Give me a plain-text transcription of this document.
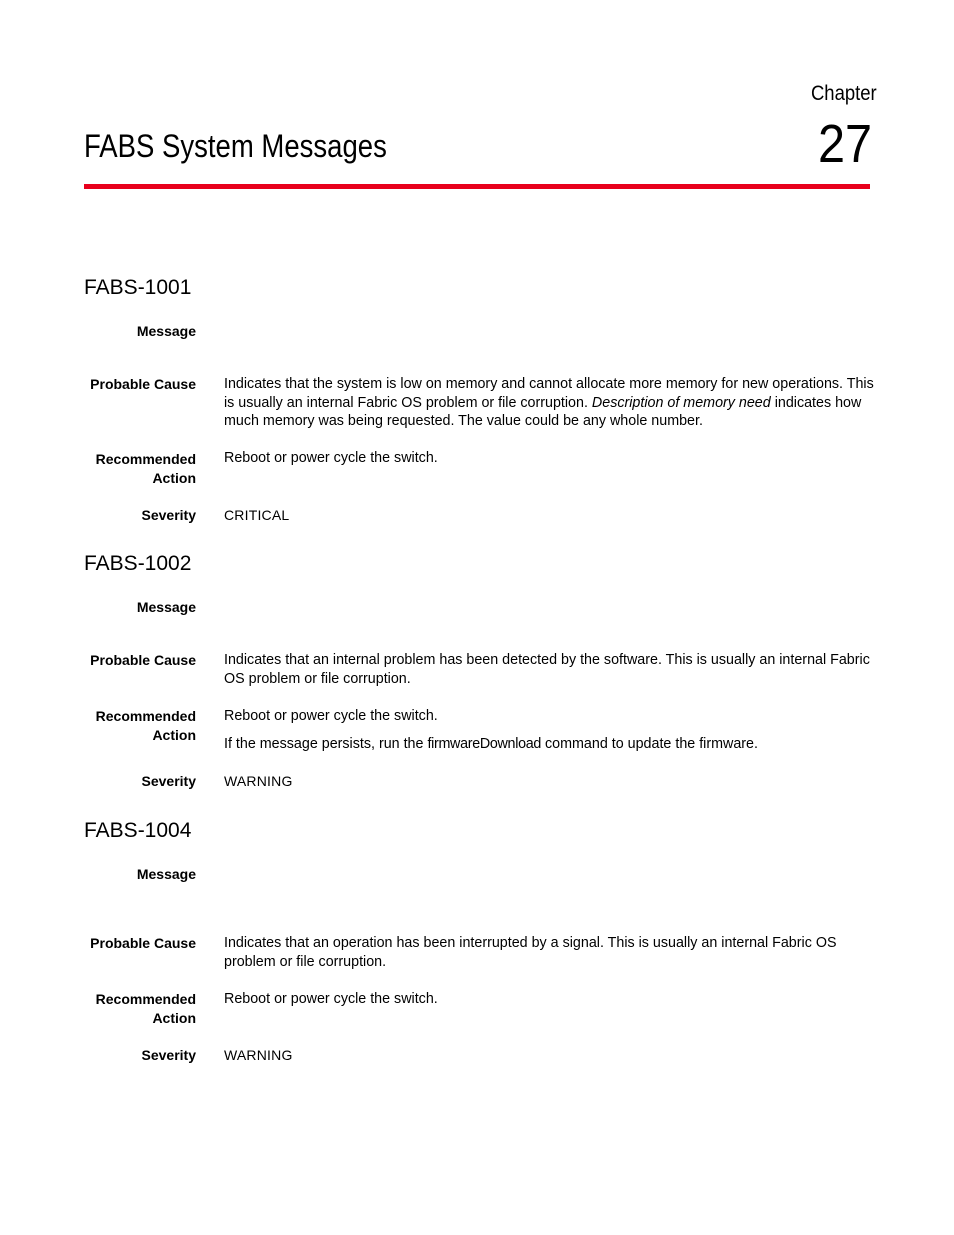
Chapter
27
FABS System Messages
FABS-1001
Message
Probable Cause Indicates that the system is low on memory and cannot allocate more memory for new operations. This is usually an internal Fabric OS problem or file corruption. Description of memory need indicates how much memory was being requested. The value could be any whole number.

Recommended
Action
Reboot or power cycle the switch.
Severity CRITICAL
FABS-1002
Message
Probable Cause Indicates that an internal problem has been detected by the software. This is usually an internal Fabric OS problem or file corruption.
Recommended
Action

Reboot or power cycle the switch.

If the message persists, run the firmwareDownload command to update the firmware.

Severity WARNING
FABS-1004
Message
Probable Cause Indicates that an operation has been interrupted by a signal. This is usually an internal Fabric OS problem or file corruption.
Recommended
Action
Reboot or power cycle the switch.
Severity WARNING
